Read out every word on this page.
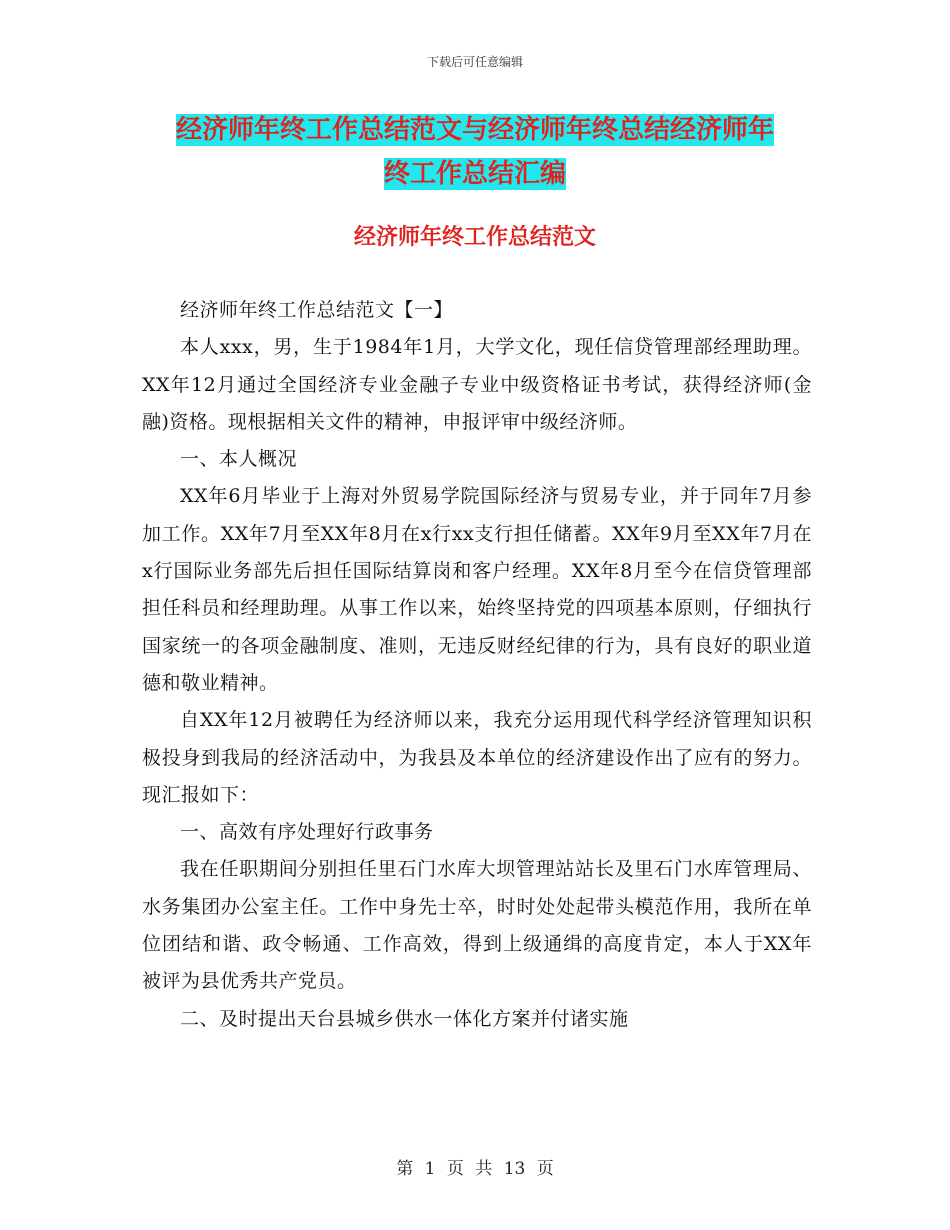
下载后可任意编辑
经济师年终工作总结范文与经济师年终总结经济师年
终工作总结汇编
经济师年终工作总结范文

经济师年终工作总结范文【一】

本人xxx，男，生于1984年1月，大学文化，现任信贷管理部经理助理。XX年12月通过全国经济专业金融子专业中级资格证书考试，获得经济师(金融)资格。现根据相关文件的精神，申报评审中级经济师。

一、本人概况

XX年6月毕业于上海对外贸易学院国际经济与贸易专业，并于同年7月参加工作。XX年7月至XX年8月在x行xx支行担任储蓄。XX年9月至XX年7月在x行国际业务部先后担任国际结算岗和客户经理。XX年8月至今在信贷管理部担任科员和经理助理。从事工作以来，始终坚持党的四项基本原则，仔细执行国家统一的各项金融制度、准则，无违反财经纪律的行为，具有良好的职业道德和敬业精神。

自XX年12月被聘任为经济师以来，我充分运用现代科学经济管理知识积极投身到我局的经济活动中，为我县及本单位的经济建设作出了应有的努力。现汇报如下：

一、高效有序处理好行政事务

我在任职期间分别担任里石门水库大坝管理站站长及里石门水库管理局、水务集团办公室主任。工作中身先士卒，时时处处起带头模范作用，我所在单位团结和谐、政令畅通、工作高效，得到上级通缉的高度肯定，本人于XX年被评为县优秀共产党员。

二、及时提出天台县城乡供水一体化方案并付诸实施

第 1 页 共 13 页
